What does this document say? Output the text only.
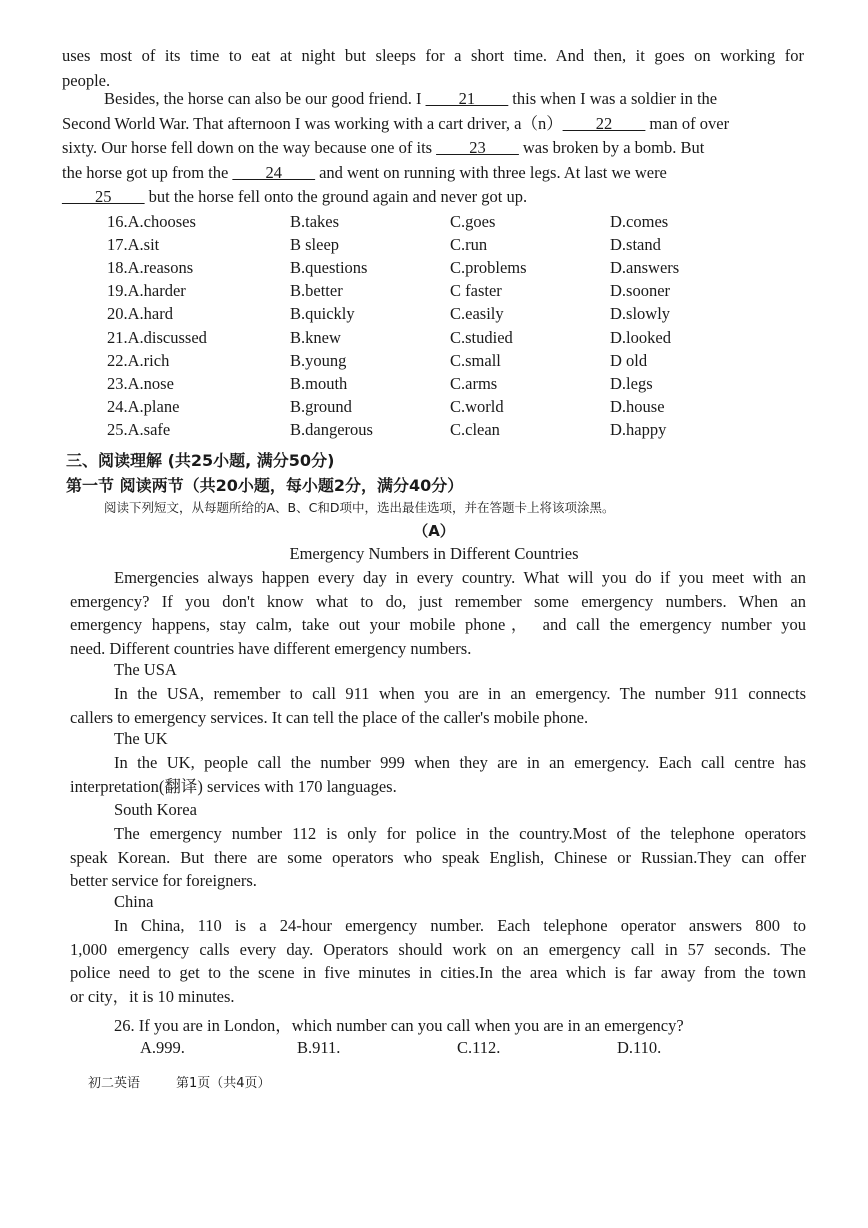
uses most of its time to eat at night but sleeps for a short time. And then, it goes on working for
people.
Besides, the horse can also be our good friend. I ____21____ this when I was a soldier in the
Second World War. That afternoon I was working with a cart driver, a（n）____22____ man of over
sixty. Our horse fell down on the way because one of its ____23____ was broken by a bomb. But
the horse got up from the ____24____ and went on running with three legs. At last we were
____25____ but the horse fell onto the ground again and never got up.
16.A.chooses	B.takes	C.goes	D.comes
17.A.sit	B sleep	C.run	D.stand
18.A.reasons	B.questions	C.problems	D.answers
19.A.harder	B.better	C faster	D.sooner
20.A.hard	B.quickly	C.easily	D.slowly
21.A.discussed	B.knew	C.studied	D.looked
22.A.rich	B.young	C.small	D old
23.A.nose	B.mouth	C.arms	D.legs
24.A.plane	B.ground	C.world	D.house
25.A.safe	B.dangerous	C.clean	D.happy
三、阅读理解 (共25小题, 满分50分)
第一节 阅读两节（共20小题，每小题2分，满分40分）
阅读下列短文，从每题所给的A、B、C和D项中，选出最佳选项，并在答题卡上将该项涂黑。
（A）
Emergency Numbers in Different Countries
Emergencies always happen every day in every country. What will you do if you meet with an
emergency? If you don't know what to do, just remember some emergency numbers. When an
emergency happens, stay calm, take out your mobile phone， and call the emergency number you
need. Different countries have different emergency numbers.
The USA
In the USA, remember to call 911 when you are in an emergency. The number 911 connects
callers to emergency services. It can tell the place of the caller's mobile phone.
The UK
In the UK, people call the number 999 when they are in an emergency. Each call centre has
interpretation(翻译) services with 170 languages.
South Korea
The emergency number 112 is only for police in the country.Most of the telephone operators
speak Korean. But there are some operators who speak English, Chinese or Russian.They can offer
better service for foreigners.
China
In China, 110 is a 24-hour emergency number. Each telephone operator answers 800 to
1,000 emergency calls every day. Operators should work on an emergency call in 57 seconds. The
police need to get to the scene in five minutes in cities.In the area which is far away from the town
or city，it is 10 minutes.
26. If you are in London，which number can you call when you are in an emergency?
A.999.	B.911.	C.112.	D.110.
初二英语	第1页（共4页）
